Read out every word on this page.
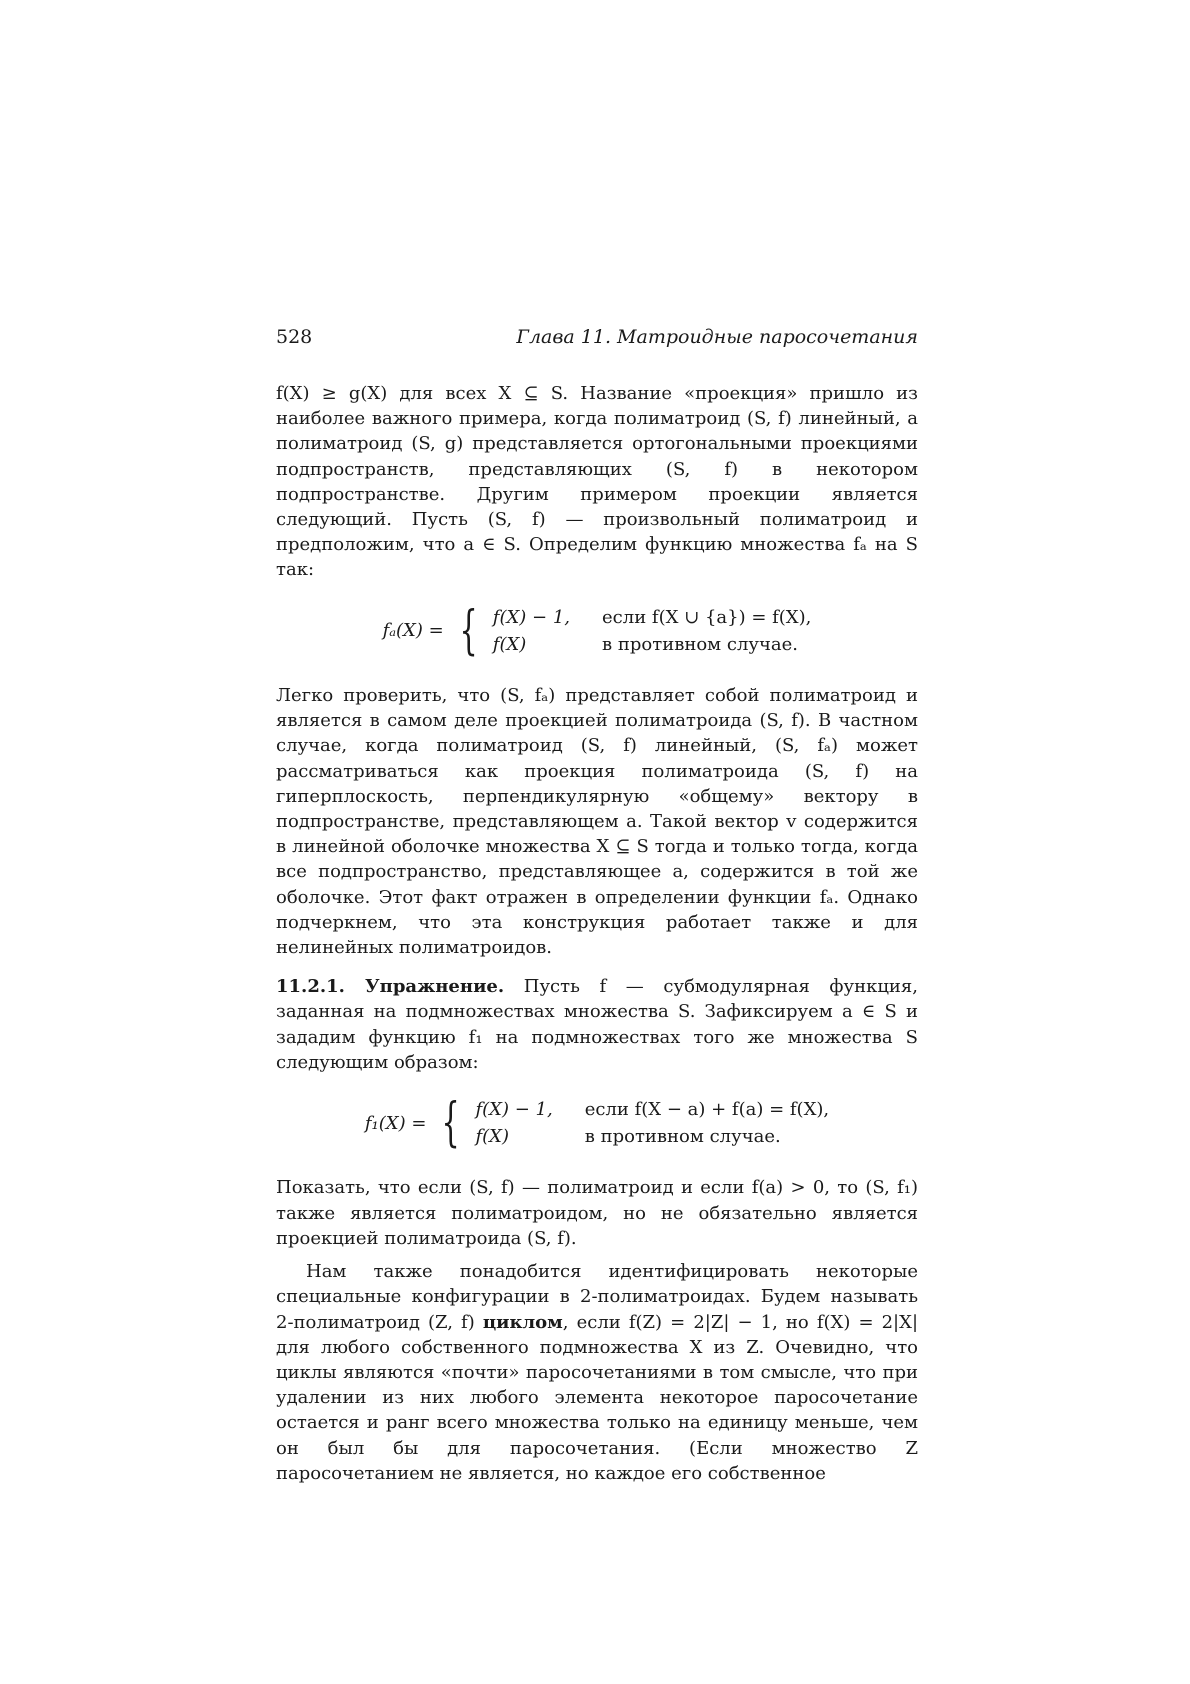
528	Глава 11. Матроидные паросочетания

f(X) ≥ g(X) для всех X ⊆ S. Название «проекция» пришло из наиболее важного примера, когда полиматроид (S, f) линейный, а полиматроид (S, g) представляется ортогональными проекциями подпространств, представляющих (S, f) в некотором подпространстве. Другим примером проекции является следующий. Пусть (S, f) — произвольный полиматроид и предположим, что a ∈ S. Определим функцию множества fₐ на S так:

fₐ(X) = { f(X) − 1, если f(X ∪ {a}) = f(X),
f(X)	в противном случае.

Легко проверить, что (S, fₐ) представляет собой полиматроид и является в самом деле проекцией полиматроида (S, f). В частном случае, когда полиматроид (S, f) линейный, (S, fₐ) может рассматриваться как проекция полиматроида (S, f) на гиперплоскость, перпендикулярную «общему» вектору в подпространстве, представляющем a. Такой вектор v содержится в линейной оболочке множества X ⊆ S тогда и только тогда, когда все подпространство, представляющее a, содержится в той же оболочке. Этот факт отражен в определении функции fₐ. Однако подчеркнем, что эта конструкция работает также и для нелинейных полиматроидов.

11.2.1. Упражнение. Пусть f — субмодулярная функция, заданная на подмножествах множества S. Зафиксируем a ∈ S и зададим функцию f₁ на подмножествах того же множества S следующим образом:

f₁(X) = { f(X) − 1, если f(X − a) + f(a) = f(X),
f(X)	в противном случае.

Показать, что если (S, f) — полиматроид и если f(a) > 0, то (S, f₁) также является полиматроидом, но не обязательно является проекцией полиматроида (S, f).

Нам также понадобится идентифицировать некоторые специальные конфигурации в 2-полиматроидах. Будем называть 2-полиматроид (Z, f) циклом, если f(Z) = 2|Z| − 1, но f(X) = 2|X| для любого собственного подмножества X из Z. Очевидно, что циклы являются «почти» паросочетаниями в том смысле, что при удалении из них любого элемента некоторое паросочетание остается и ранг всего множества только на единицу меньше, чем он был бы для паросочетания. (Если множество Z паросочетанием не является, но каждое его собственное
